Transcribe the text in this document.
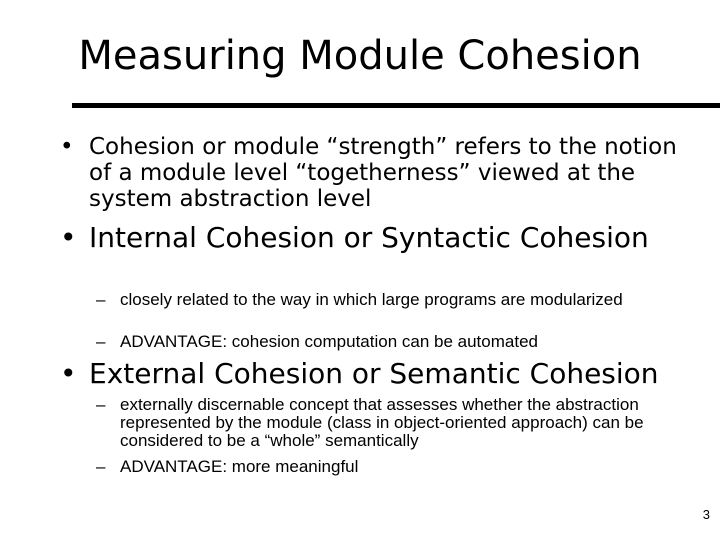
Measuring Module Cohesion
• Cohesion or module “strength” refers to the notion of a module level “togetherness” viewed at the system abstraction level
• Internal Cohesion or Syntactic Cohesion
– closely related to the way in which large programs are modularized
– ADVANTAGE: cohesion computation can be automated
• External Cohesion or Semantic Cohesion
– externally discernable concept that assesses whether the abstraction represented by the module (class in object-oriented approach) can be considered to be a “whole” semantically
– ADVANTAGE: more meaningful
3
